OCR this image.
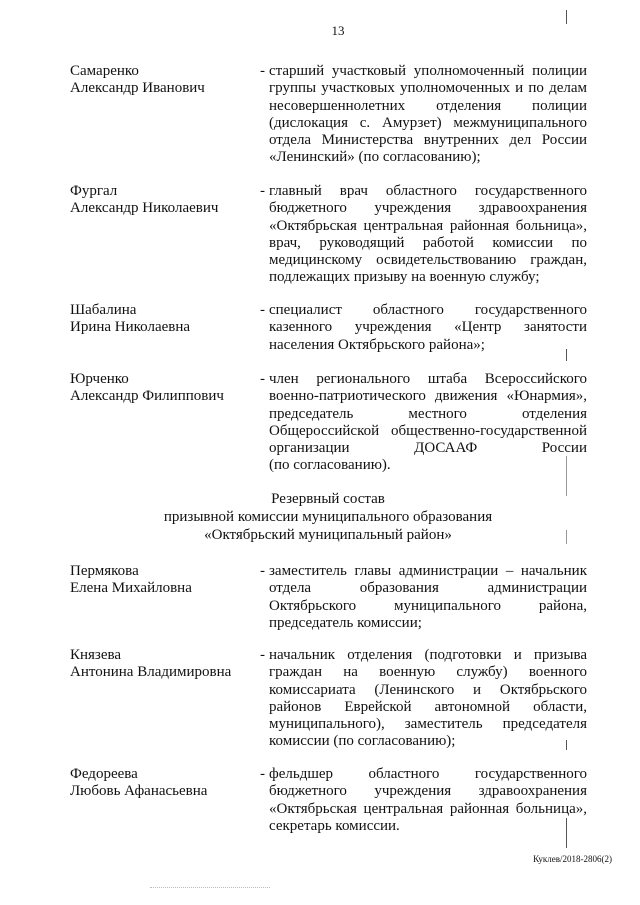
13
Самаренко
Александр Иванович
- старший участковый уполномоченный полиции
группы участковых уполномоченных и по делам
несовершеннолетних отделения полиции
(дислокация с. Амурзет) межмуниципального
отдела Министерства внутренних дел России
«Ленинский» (по согласованию);
Фургал
Александр Николаевич
- главный врач областного государственного
бюджетного учреждения здравоохранения
«Октябрьская центральная районная больница»,
врач, руководящий работой комиссии по
медицинскому освидетельствованию граждан,
подлежащих призыву на военную службу;
Шабалина
Ирина Николаевна
- специалист областного государственного
казенного учреждения «Центр занятости
населения Октябрьского района»;
Юрченко
Александр Филиппович
- член регионального штаба Всероссийского
военно-патриотического движения «Юнармия»,
председатель местного отделения
Общероссийской общественно-государственной
организации ДОСААФ России
(по согласованию).
Резервный состав
призывной комиссии муниципального образования
«Октябрьский муниципальный район»
Пермякова
Елена Михайловна
- заместитель главы администрации – начальник
отдела образования администрации
Октябрьского муниципального района,
председатель комиссии;
Князева
Антонина Владимировна
- начальник отделения (подготовки и призыва
граждан на военную службу) военного
комиссариата (Ленинского и Октябрьского
районов Еврейской автономной области,
муниципального), заместитель председателя
комиссии (по согласованию);
Федореева
Любовь Афанасьевна
- фельдшер областного государственного
бюджетного учреждения здравоохранения
«Октябрьская центральная районная больница»,
секретарь комиссии.
Куклев/2018-2806(2)
